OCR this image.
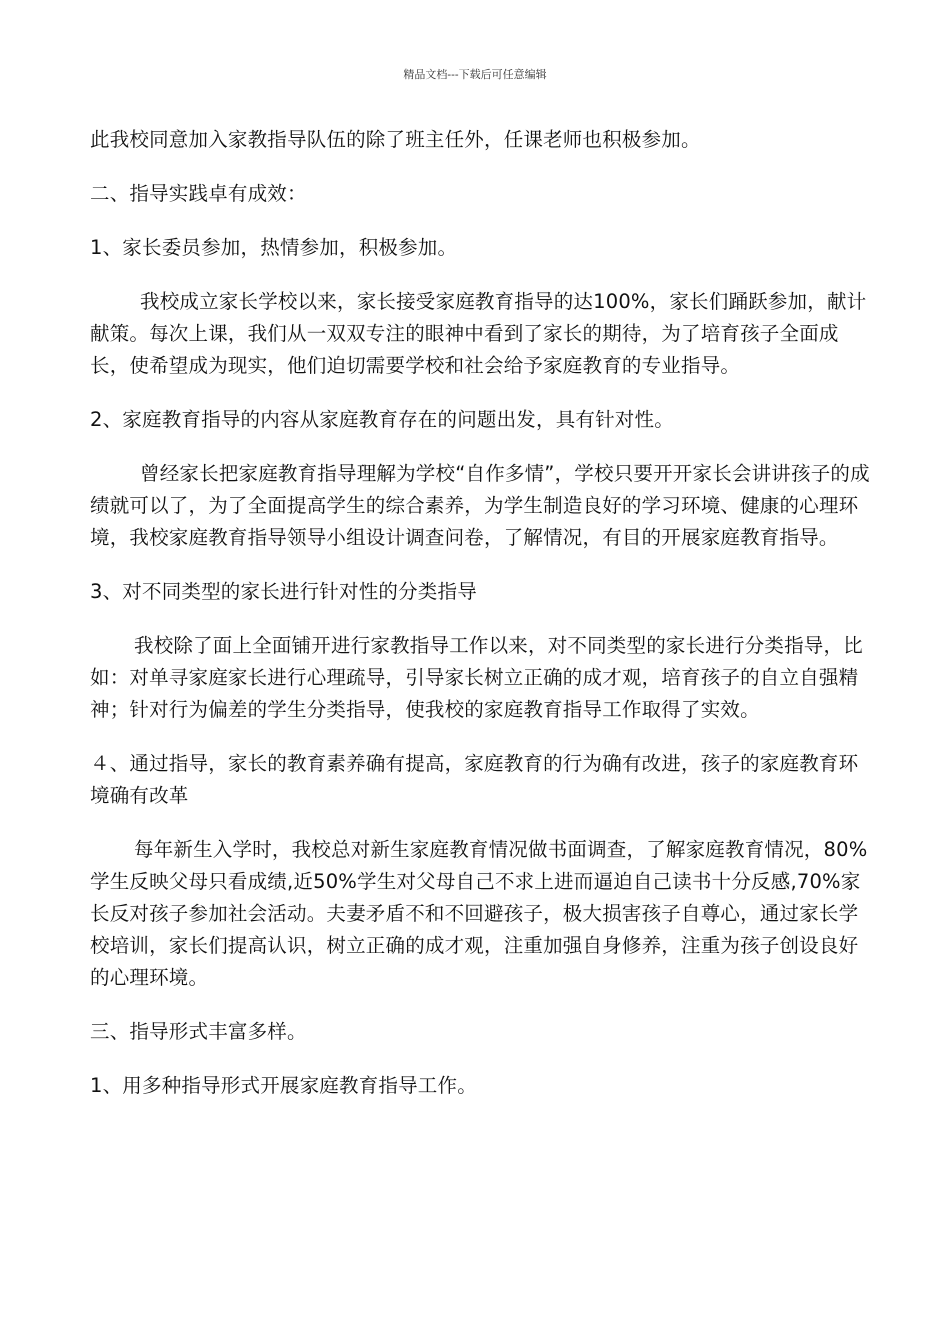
精品文档---下载后可任意编辑

此我校同意加入家教指导队伍的除了班主任外，任课老师也积极参加。

二、指导实践卓有成效：

1、家长委员参加，热情参加，积极参加。

我校成立家长学校以来，家长接受家庭教育指导的达100%，家长们踊跃参加，献计献策。每次上课，我们从一双双专注的眼神中看到了家长的期待，为了培育孩子全面成长，使希望成为现实，他们迫切需要学校和社会给予家庭教育的专业指导。

2、家庭教育指导的内容从家庭教育存在的问题出发，具有针对性。

曾经家长把家庭教育指导理解为学校“自作多情”，学校只要开开家长会讲讲孩子的成绩就可以了，为了全面提高学生的综合素养，为学生制造良好的学习环境、健康的心理环境，我校家庭教育指导领导小组设计调查问卷，了解情况，有目的开展家庭教育指导。

3、对不同类型的家长进行针对性的分类指导

我校除了面上全面铺开进行家教指导工作以来，对不同类型的家长进行分类指导，比如：对单寻家庭家长进行心理疏导，引导家长树立正确的成才观，培育孩子的自立自强精神；针对行为偏差的学生分类指导，使我校的家庭教育指导工作取得了实效。

４、通过指导，家长的教育素养确有提高，家庭教育的行为确有改进，孩子的家庭教育环境确有改革

每年新生入学时，我校总对新生家庭教育情况做书面调查，了解家庭教育情况，80%学生反映父母只看成绩,近50%学生对父母自己不求上进而逼迫自己读书十分反感,70%家长反对孩子参加社会活动。夫妻矛盾不和不回避孩子，极大损害孩子自尊心，通过家长学校培训，家长们提高认识，树立正确的成才观，注重加强自身修养，注重为孩子创设良好的心理环境。

三、指导形式丰富多样。

1、用多种指导形式开展家庭教育指导工作。
